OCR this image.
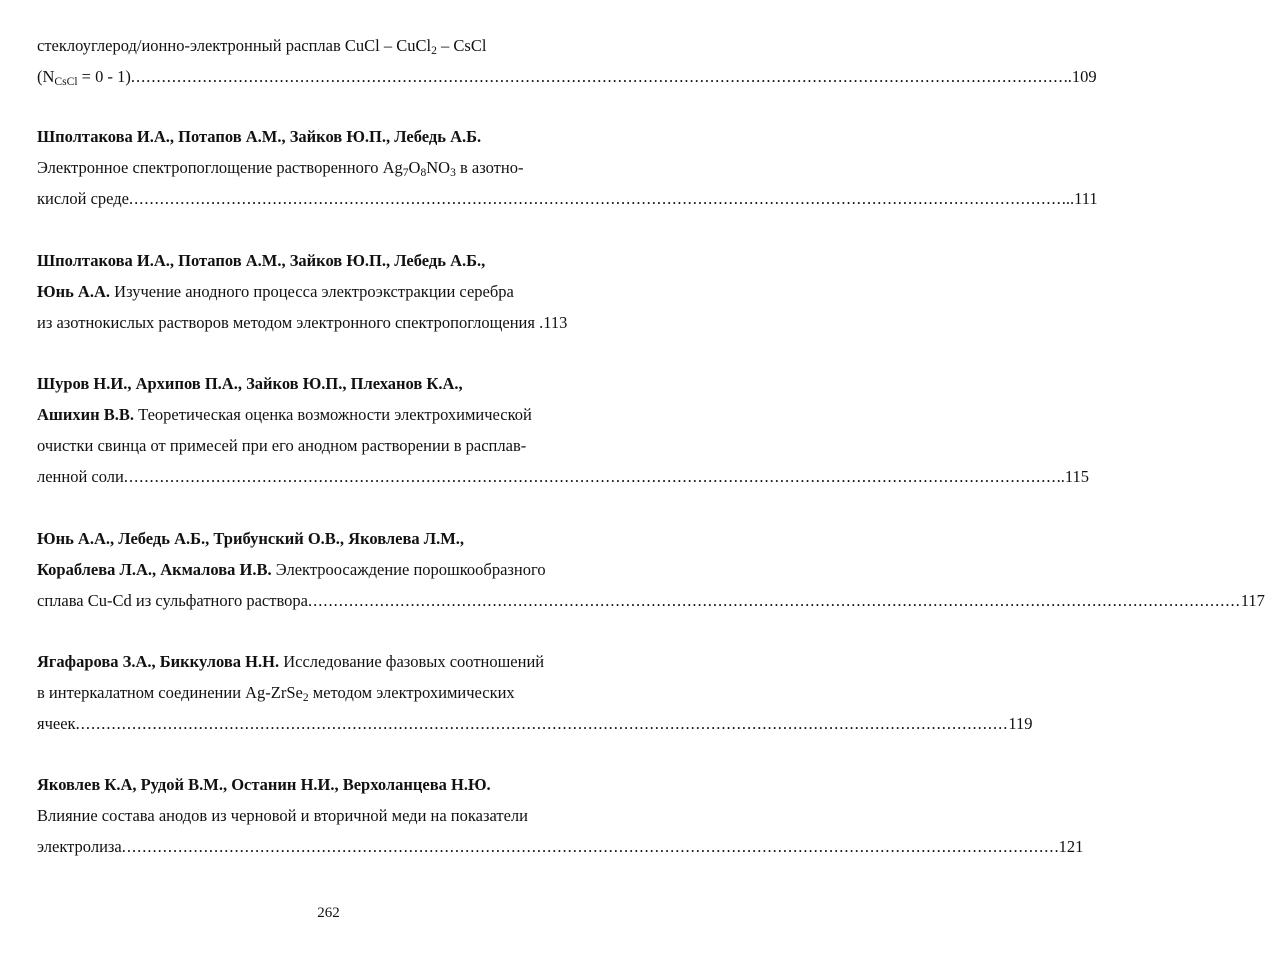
стеклоуглерод/ионно-электронный расплав CuCl – CuCl$_2$ – CsCl
$(N_{CsCl} = 0 - 1)$ ...................................................................................................................................................................................... ..109
Шполтакова И.А., Потапов А.М., Зайков Ю.П., Лебедь А.Б.
Электронное спектропоглощение растворенного $Ag_7O_8NO_3$ в азотно-
кислой среде ...................................................................................................................................................................................... ...111
Шполтакова И.А., Потапов А.М., Зайков Ю.П., Лебедь А.Б.,
Юнь А.А. Изучение анодного процесса электроэкстракции серебра
из азотнокислых растворов методом электронного спектропоглощения .113
Шуров Н.И., Архипов П.А., Зайков Ю.П., Плеханов К.А.,
Ашихин В.В. Теоретическая оценка возможности электрохимической
очистки свинца от примесей при его анодном растворении в расплав-
ленной соли ...................................................................................................................................................................................... ..115
Юнь А.А., Лебедь А.Б., Трибунский О.В., Яковлева Л.М.,
Кораблева Л.А., Акмалова И.В. Электроосаждение порошкообразного
сплава Cu-Cd из сульфатного раствора ...................................................................................................................................................................................... 117
Ягафарова З.А., Биккулова Н.Н. Исследование фазовых соотношений
в интеркалатном соединении Ag-ZrSe$_2$ методом электрохимических
ячеек ...................................................................................................................................................................................... 119
Яковлев К.А, Рудой В.М., Останин Н.И., Верхоланцева Н.Ю.
Влияние состава анодов из черновой и вторичной меди на показатели
электролиза ...................................................................................................................................................................................... .121
262
